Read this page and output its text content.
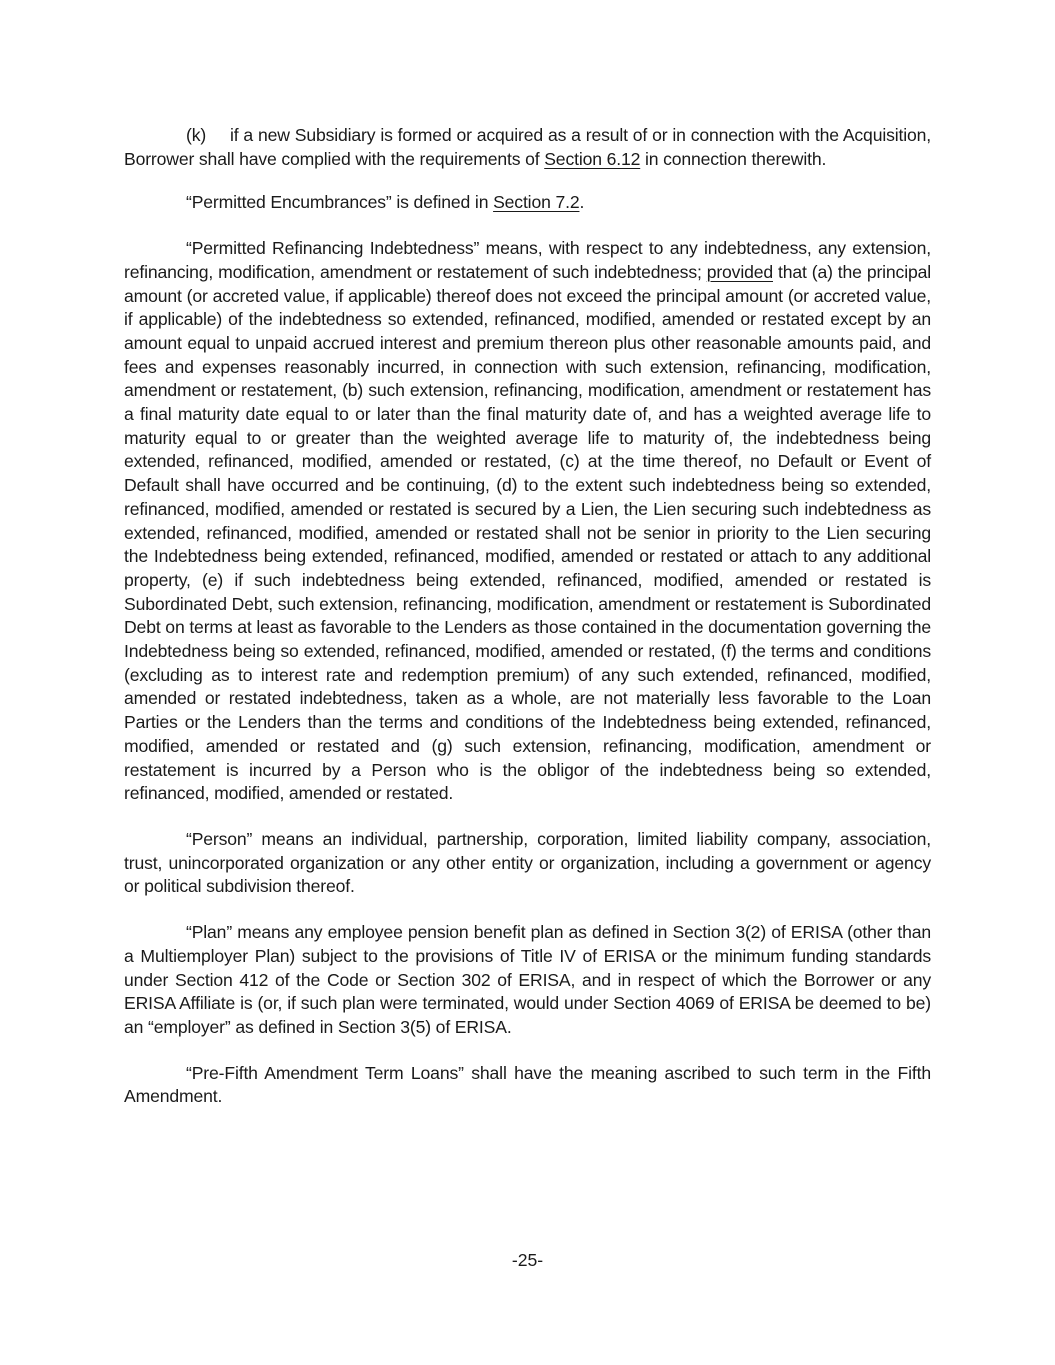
(k) if a new Subsidiary is formed or acquired as a result of or in connection with the Acquisition, Borrower shall have complied with the requirements of Section 6.12 in connection therewith.

“Permitted Encumbrances” is defined in Section 7.2.

“Permitted Refinancing Indebtedness” means, with respect to any indebtedness, any extension, refinancing, modification, amendment or restatement of such indebtedness; provided that (a) the principal amount (or accreted value, if applicable) thereof does not exceed the principal amount (or accreted value, if applicable) of the indebtedness so extended, refinanced, modified, amended or restated except by an amount equal to unpaid accrued interest and premium thereon plus other reasonable amounts paid, and fees and expenses reasonably incurred, in connection with such extension, refinancing, modification, amendment or restatement, (b) such extension, refinancing, modification, amendment or restatement has a final maturity date equal to or later than the final maturity date of, and has a weighted average life to maturity equal to or greater than the weighted average life to maturity of, the indebtedness being extended, refinanced, modified, amended or restated, (c) at the time thereof, no Default or Event of Default shall have occurred and be continuing, (d) to the extent such indebtedness being so extended, refinanced, modified, amended or restated is secured by a Lien, the Lien securing such indebtedness as extended, refinanced, modified, amended or restated shall not be senior in priority to the Lien securing the Indebtedness being extended, refinanced, modified, amended or restated or attach to any additional property, (e) if such indebtedness being extended, refinanced, modified, amended or restated is Subordinated Debt, such extension, refinancing, modification, amendment or restatement is Subordinated Debt on terms at least as favorable to the Lenders as those contained in the documentation governing the Indebtedness being so extended, refinanced, modified, amended or restated, (f) the terms and conditions (excluding as to interest rate and redemption premium) of any such extended, refinanced, modified, amended or restated indebtedness, taken as a whole, are not materially less favorable to the Loan Parties or the Lenders than the terms and conditions of the Indebtedness being extended, refinanced, modified, amended or restated and (g) such extension, refinancing, modification, amendment or restatement is incurred by a Person who is the obligor of the indebtedness being so extended, refinanced, modified, amended or restated.

“Person” means an individual, partnership, corporation, limited liability company, association, trust, unincorporated organization or any other entity or organization, including a government or agency or political subdivision thereof.

“Plan” means any employee pension benefit plan as defined in Section 3(2) of ERISA (other than a Multiemployer Plan) subject to the provisions of Title IV of ERISA or the minimum funding standards under Section 412 of the Code or Section 302 of ERISA, and in respect of which the Borrower or any ERISA Affiliate is (or, if such plan were terminated, would under Section 4069 of ERISA be deemed to be) an “employer” as defined in Section 3(5) of ERISA.

“Pre-Fifth Amendment Term Loans” shall have the meaning ascribed to such term in the Fifth Amendment.

-25-
